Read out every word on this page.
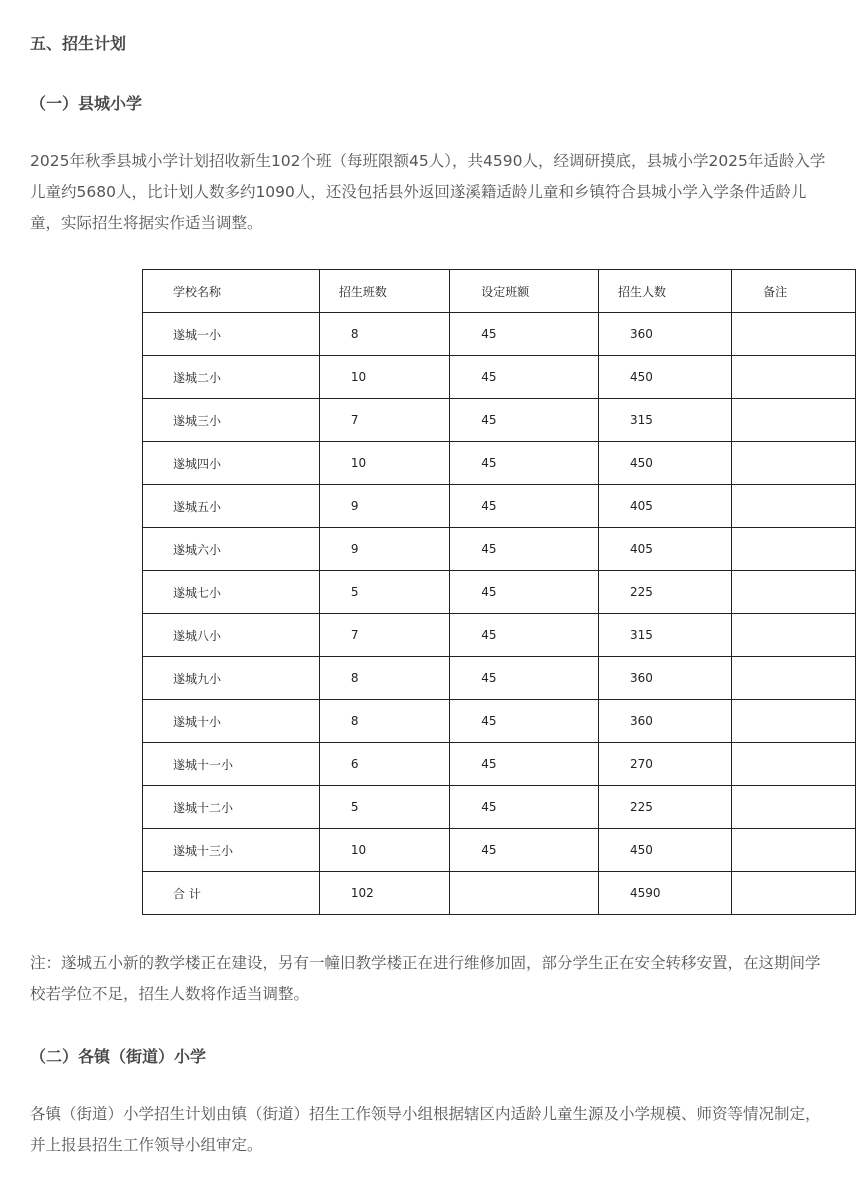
五、招生计划
（一）县城小学
2025年秋季县城小学计划招收新生102个班（每班限额45人），共4590人，经调研摸底，县城小学2025年适龄入学儿童约5680人，比计划人数多约1090人，还没包括县外返回遂溪籍适龄儿童和乡镇符合县城小学入学条件适龄儿童，实际招生将据实作适当调整。
学校名称	招生班数	设定班额	招生人数	备注
遂城一小	8	45	360	
遂城二小	10	45	450	
遂城三小	7	45	315	
遂城四小	10	45	450	
遂城五小	9	45	405	
遂城六小	9	45	405	
遂城七小	5	45	225	
遂城八小	7	45	315	
遂城九小	8	45	360	
遂城十小	8	45	360	
遂城十一小	6	45	270	
遂城十二小	5	45	225	
遂城十三小	10	45	450	
合 计	102		4590	
注：遂城五小新的教学楼正在建设，另有一幢旧教学楼正在进行维修加固，部分学生正在安全转移安置，在这期间学校若学位不足，招生人数将作适当调整。
（二）各镇（街道）小学
各镇（街道）小学招生计划由镇（街道）招生工作领导小组根据辖区内适龄儿童生源及小学规模、师资等情况制定，并上报县招生工作领导小组审定。
